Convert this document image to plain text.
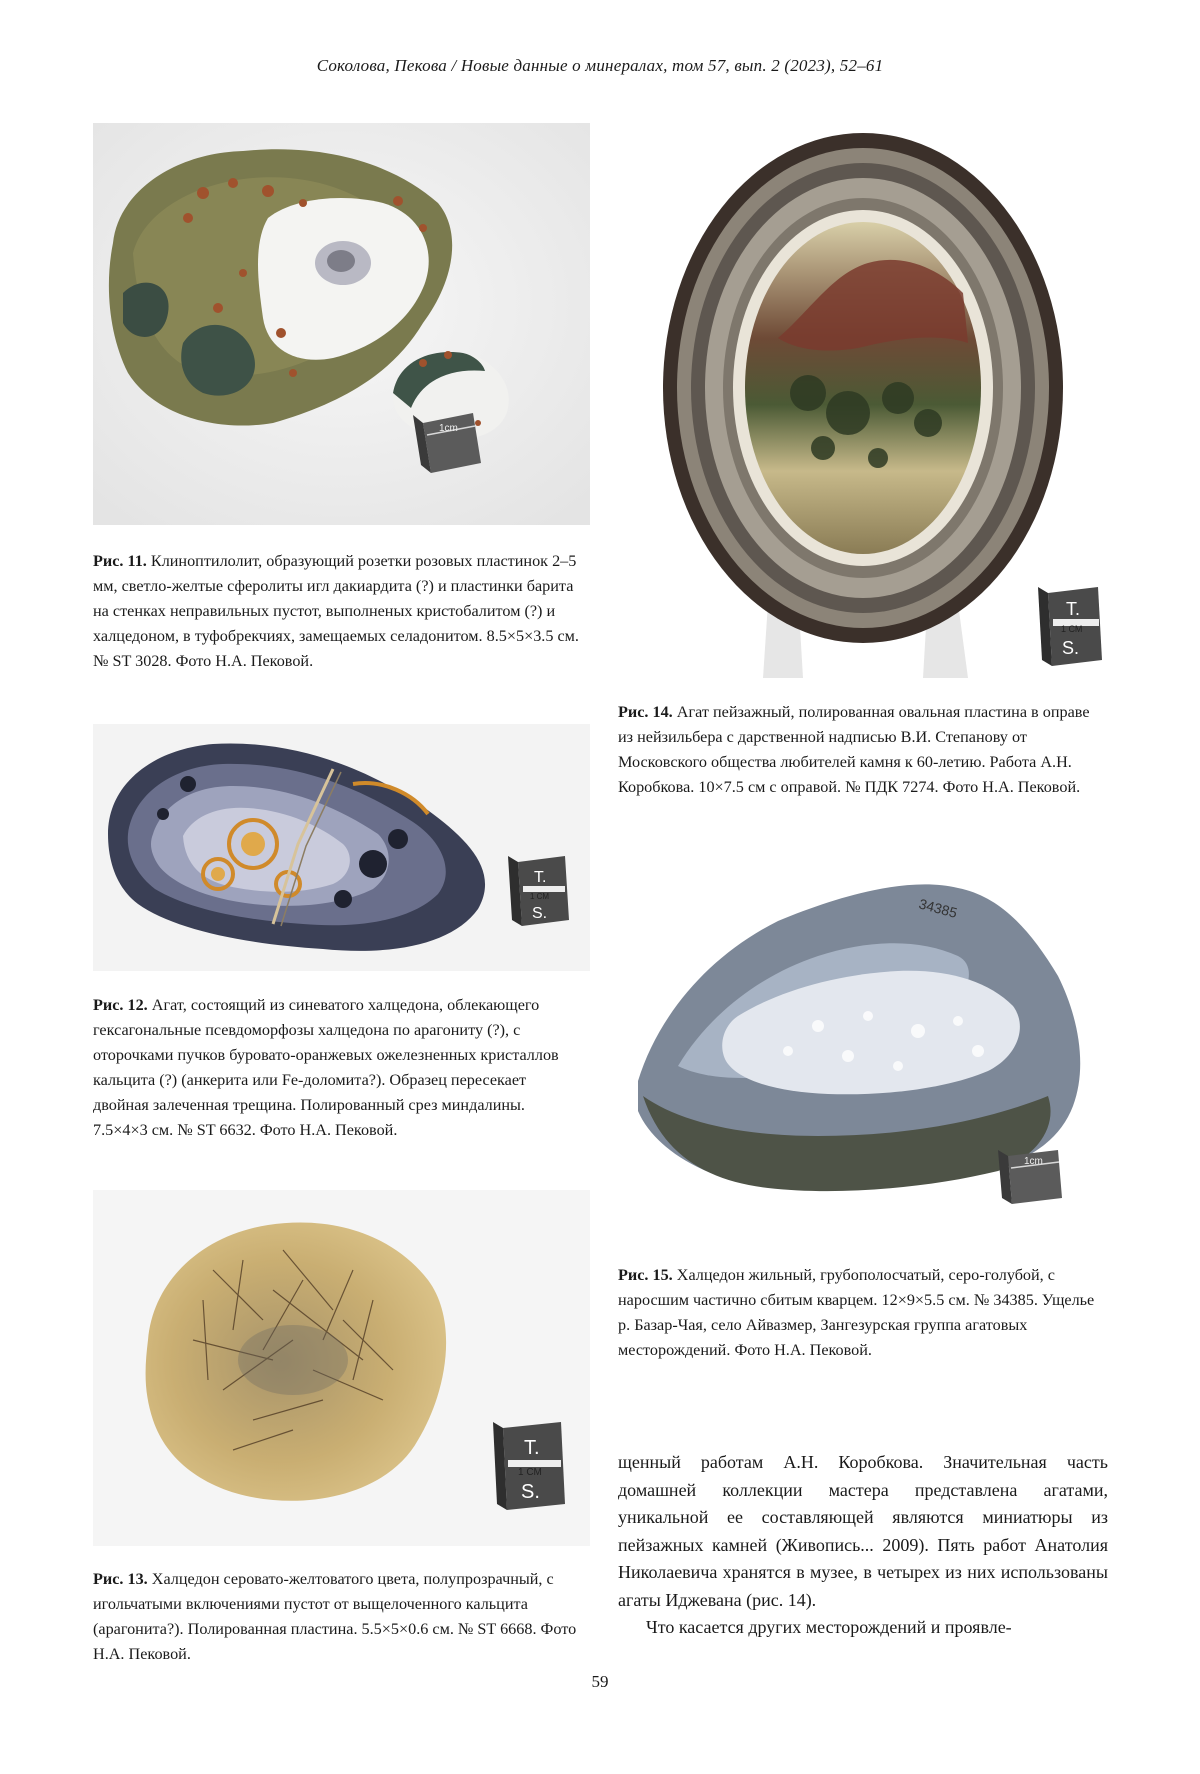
Соколова, Пекова / Новые данные о минералах, том 57, вып. 2 (2023), 52–61
1cm
Рис. 11. Клиноптилолит, образующий розетки розовых пластинок 2–5 мм, светло-желтые сферолиты игл дакиардита (?) и пластинки барита на стенках неправильных пустот, выполненых кристобалитом (?) и халцедоном, в туфобрекчиях, замещаемых селадонитом. 8.5×5×3.5 см. № ST 3028. Фото Н.А. Пековой.
T.
1 СМ
S.
Рис. 12. Агат, состоящий из синеватого халцедона, облекающего гексагональные псевдоморфозы халцедона по арагониту (?), с оторочками пучков буровато-оранжевых ожелезненных кристаллов кальцита (?) (анкерита или Fe-доломита?). Образец пересекает двойная залеченная трещина. Полированный срез миндалины. 7.5×4×3 см. № ST 6632. Фото Н.А. Пековой.
T.
1 СМ
S.
Рис. 13. Халцедон серовато-желтоватого цвета, полупрозрачный, с игольчатыми включениями пустот от выщелоченного кальцита (арагонита?). Полированная пластина. 5.5×5×0.6 см. № ST 6668. Фото Н.А. Пековой.
T.
1 СМ
S.
Рис. 14. Агат пейзажный, полированная овальная пластина в оправе из нейзильбера с дарственной надписью В.И. Степанову от Московского общества любителей камня к 60-летию. Работа А.Н. Коробкова. 10×7.5 см с оправой. № ПДК 7274. Фото Н.А. Пековой.
34385
1cm
Рис. 15. Халцедон жильный, грубополосчатый, серо-голубой, с наросшим частично сбитым кварцем. 12×9×5.5 см. № 34385. Ущелье р. Базар-Чая, село Айвазмер, Зангезурская группа агатовых месторождений. Фото Н.А. Пековой.

щенный работам А.Н. Коробкова. Значительная часть домашней коллекции мастера представлена агатами, уникальной ее составляющей являются миниатюры из пейзажных камней (Живопись... 2009). Пять работ Анатолия Николаевича хранятся в музее, в четырех из них использованы агаты Иджевана (рис. 14).

Что касается других месторождений и проявле-

59
